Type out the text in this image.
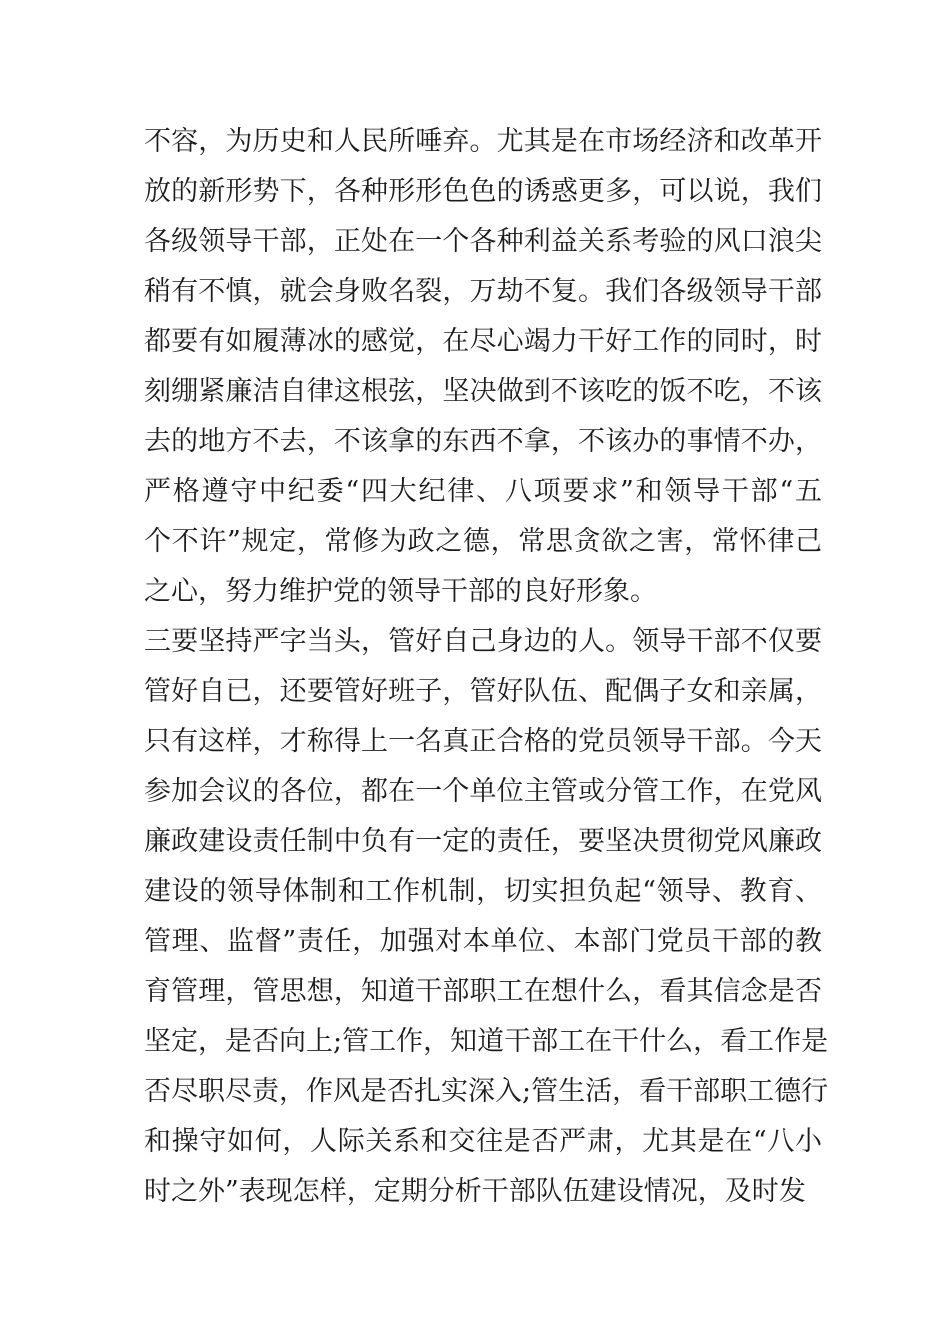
不容，为历史和人民所唾弃。尤其是在市场经济和改革开
放的新形势下，各种形形色色的诱惑更多，可以说，我们
各级领导干部，正处在一个各种利益关系考验的风口浪尖
稍有不慎，就会身败名裂，万劫不复。我们各级领导干部
都要有如履薄冰的感觉，在尽心竭力干好工作的同时，时
刻绷紧廉洁自律这根弦，坚决做到不该吃的饭不吃，不该
去的地方不去，不该拿的东西不拿，不该办的事情不办，
严格遵守中纪委“四大纪律、八项要求”和领导干部“五
个不许”规定，常修为政之德，常思贪欲之害，常怀律己
之心，努力维护党的领导干部的良好形象。
三要坚持严字当头，管好自己身边的人。领导干部不仅要
管好自已，还要管好班子，管好队伍、配偶子女和亲属，
只有这样，才称得上一名真正合格的党员领导干部。今天
参加会议的各位，都在一个单位主管或分管工作，在党风
廉政建设责任制中负有一定的责任，要坚决贯彻党风廉政
建设的领导体制和工作机制，切实担负起“领导、教育、
管理、监督”责任，加强对本单位、本部门党员干部的教
育管理，管思想，知道干部职工在想什么，看其信念是否
坚定，是否向上;管工作，知道干部工在干什么，看工作是
否尽职尽责，作风是否扎实深入;管生活，看干部职工德行
和操守如何，人际关系和交往是否严肃，尤其是在“八小
时之外”表现怎样，定期分析干部队伍建设情况，及时发
